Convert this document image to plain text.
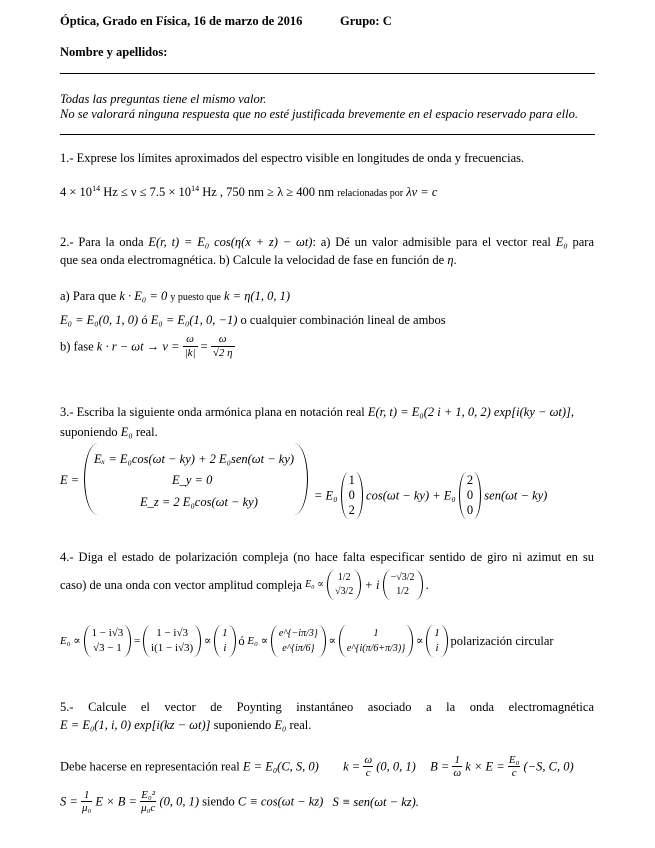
Óptica, Grado en Física, 16 de marzo de 2016	Grupo: C
Nombre y apellidos:
Todas las preguntas tiene el mismo valor.
No se valorará ninguna respuesta que no esté justificada brevemente en el espacio reservado para ello.
1.- Exprese los límites aproximados del espectro visible en longitudes de onda y frecuencias.
$4 \times 10^{14}$ $Hz \le \nu \le 7.5 \times 10^{14}$ Hz , 750 nm ≥ λ ≥ 400 nm relacionadas por λν = c
2.- Para la onda E(r, t) = E₀ cos(η(x + z) − ωt): a) Dé un valor admisible para el vector real E₀ para
que sea onda electromagnética. b) Calcule la velocidad de fase en función de η.
a) Para que k · E₀ = 0 y puesto que k = η(1, 0, 1)
E₀ = E₀(0, 1, 0) ó E₀ = E₀(1, 0, −1) o cualquier combinación lineal de ambos
b) fase $k \cdot r - \omega t \to v = \frac{\omega}{|k|} = \frac{\omega}{√2 \eta}$
3.- Escriba la siguiente onda armónica plana en notación real E(r, t) = E₀(2 i + 1, 0, 2) exp[i(ky − ωt)],
suponiendo E₀ real.
E =
Eₓ = E₀cos(ωt − ky) + 2 E₀sen(ωt − ky)
E_y = 0
E_z = 2 E₀cos(ωt − ky)	= E₀
1
0
2
cos(ωt − ky) + E₀
2
0
0
sen(ωt − ky)
4.- Diga el estado de polarización compleja (no hace falta especificar sentido de giro ni azimut en su
caso) de una onda con vector amplitud compleja E₀ ∝
1/2
√3/2 + i
−√3/2
1/2	.
E₀ ∝
1 − i√3
√3 − 1
=
1 − i√3
i(1 − i√3)
∝
1
i ó E₀ ∝
e^{−iπ/3}
e^{iπ/6}
∝
1
e^{i(π/6+π/3)}
∝
1
i polarización circular
5.- Calcule el vector de Poynting instantáneo asociado a la onda electromagnética
E = E₀(1, i, 0) exp[i(kz − ωt)] suponiendo E₀ real.
Debe hacerse en representación real E = E₀(C, S, 0) $k = \frac{\omega}{c} (0$, 0, 1) $B = \frac{1}{\omega}$ $k \times E = \frac{\text{E₀}}{c} (-S$, C, 0)
$S = \frac{1}{\text{μ₀}}$ $E \times B = \frac{\text{E₀²}}{\text{μ₀c}} (0$, 0, 1) siendo C ≡ cos(ωt − kz) S ≡ sen(ωt − kz).
